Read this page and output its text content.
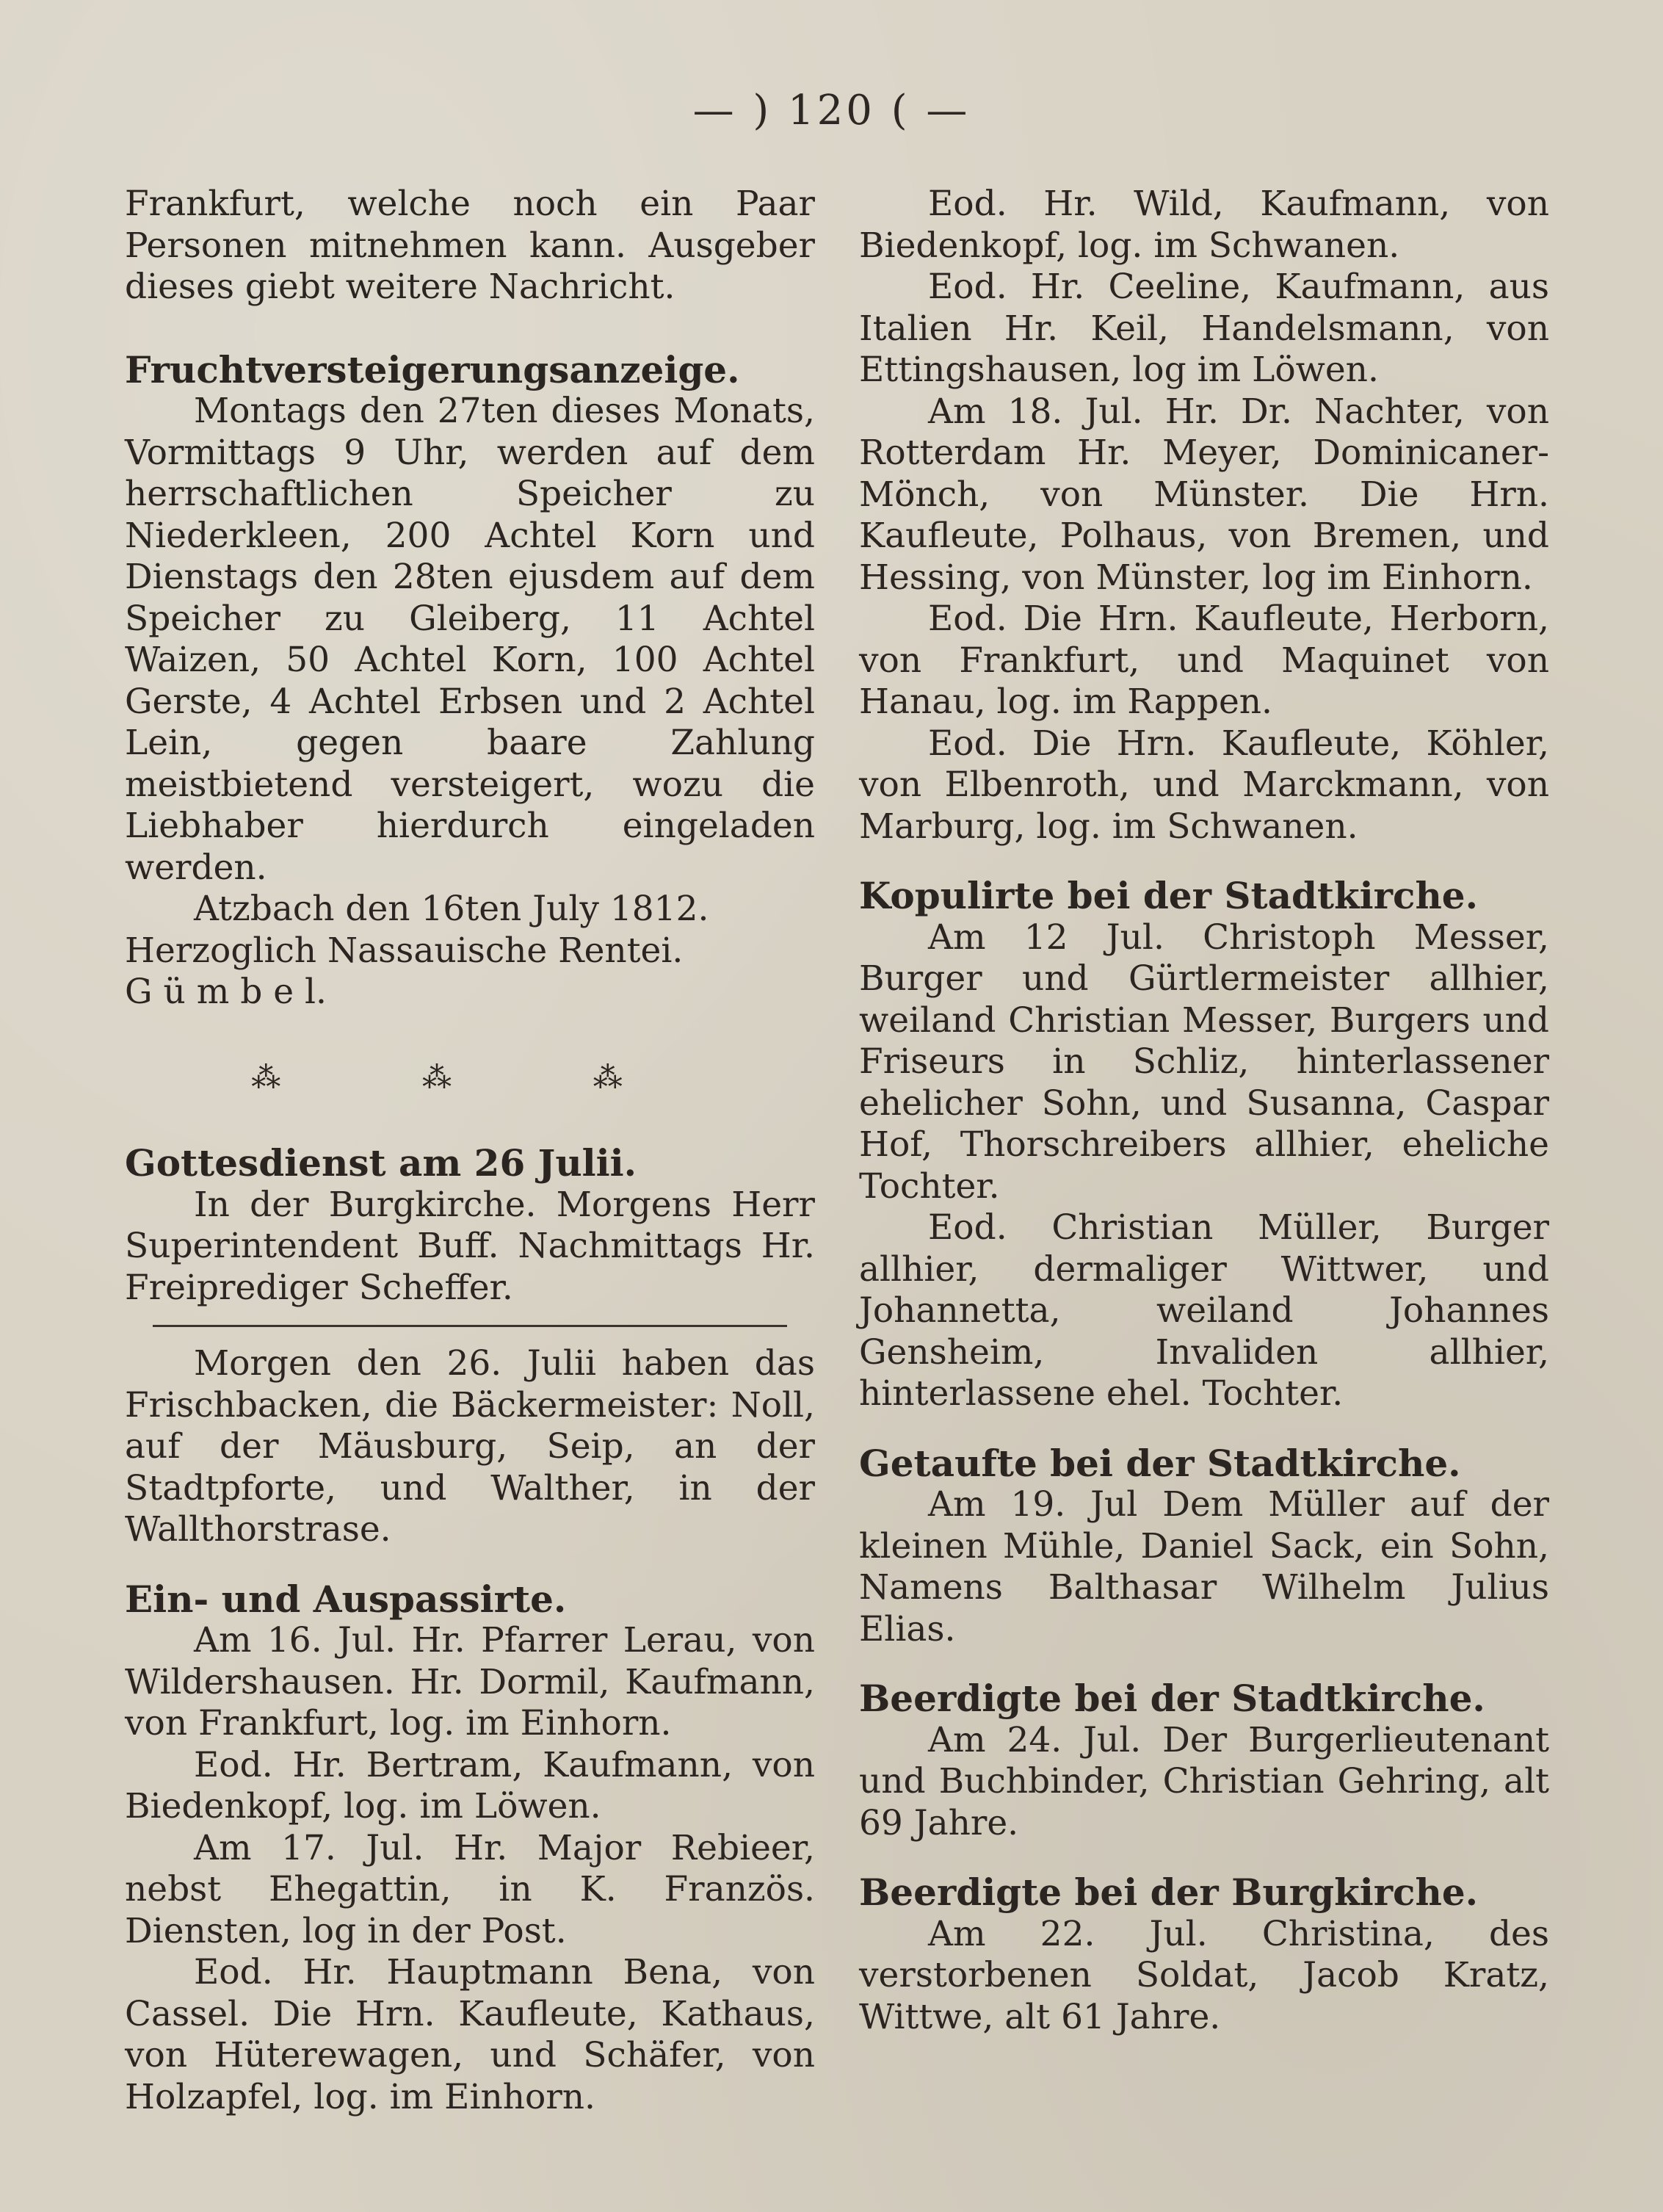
— ) 120 ( —

Frankfurt, welche noch ein Paar Personen mitnehmen kann. Ausgeber dieses giebt weitere Nachricht.

Fruchtversteigerungsanzeige.

Montags den 27ten dieses Monats, Vormittags 9 Uhr, werden auf dem herrschaftlichen Speicher zu Niederkleen, 200 Achtel Korn und Dienstags den 28ten ejusdem auf dem Speicher zu Gleiberg, 11 Achtel Waizen, 50 Achtel Korn, 100 Achtel Gerste, 4 Achtel Erbsen und 2 Achtel Lein, gegen baare Zahlung meistbietend versteigert, wozu die Liebhaber hierdurch eingeladen werden.

Atzbach den 16ten July 1812.

Herzoglich Nassauische Rentei.

G ü m b e l.

⁂ ⁂ ⁂

Gottesdienst am 26 Julii.

In der Burgkirche. Morgens Herr Superintendent Buff. Nachmittags Hr. Freiprediger Scheffer.

Morgen den 26. Julii haben das Frischbacken, die Bäckermeister: Noll, auf der Mäusburg, Seip, an der Stadtpforte, und Walther, in der Wallthorstrase.

Ein- und Auspassirte.

Am 16. Jul. Hr. Pfarrer Lerau, von Wildershausen. Hr. Dormil, Kaufmann, von Frankfurt, log. im Einhorn.

Eod. Hr. Bertram, Kaufmann, von Biedenkopf, log. im Löwen.

Am 17. Jul. Hr. Major Rebieer, nebst Ehegattin, in K. Französ. Diensten, log in der Post.

Eod. Hr. Hauptmann Bena, von Cassel. Die Hrn. Kaufleute, Kathaus, von Hüterewagen, und Schäfer, von Holzapfel, log. im Einhorn.

Eod. Hr. Wild, Kaufmann, von Biedenkopf, log. im Schwanen.

Eod. Hr. Ceeline, Kaufmann, aus Italien Hr. Keil, Handelsmann, von Ettingshausen, log im Löwen.

Am 18. Jul. Hr. Dr. Nachter, von Rotterdam Hr. Meyer, Dominicaner-Mönch, von Münster. Die Hrn. Kaufleute, Polhaus, von Bremen, und Hessing, von Münster, log im Einhorn.

Eod. Die Hrn. Kaufleute, Herborn, von Frankfurt, und Maquinet von Hanau, log. im Rappen.

Eod. Die Hrn. Kaufleute, Köhler, von Elbenroth, und Marckmann, von Marburg, log. im Schwanen.

Kopulirte bei der Stadtkirche.

Am 12 Jul. Christoph Messer, Burger und Gürtlermeister allhier, weiland Christian Messer, Burgers und Friseurs in Schliz, hinterlassener ehelicher Sohn, und Susanna, Caspar Hof, Thorschreibers allhier, eheliche Tochter.

Eod. Christian Müller, Burger allhier, dermaliger Wittwer, und Johannetta, weiland Johannes Gensheim, Invaliden allhier, hinterlassene ehel. Tochter.

Getaufte bei der Stadtkirche.

Am 19. Jul Dem Müller auf der kleinen Mühle, Daniel Sack, ein Sohn, Namens Balthasar Wilhelm Julius Elias.

Beerdigte bei der Stadtkirche.

Am 24. Jul. Der Burgerlieutenant und Buchbinder, Christian Gehring, alt 69 Jahre.

Beerdigte bei der Burgkirche.

Am 22. Jul. Christina, des verstorbenen Soldat, Jacob Kratz, Wittwe, alt 61 Jahre.
